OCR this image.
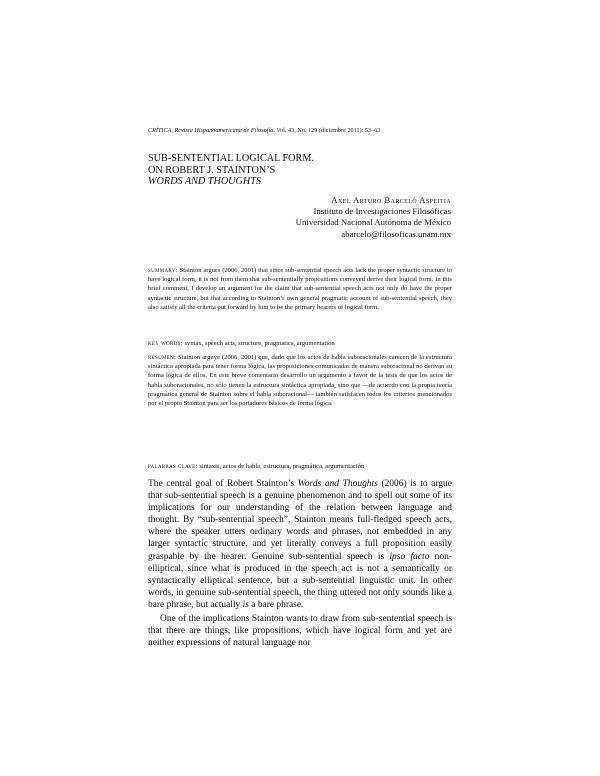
CRÍTICA, Revista Hispanoamericana de Filosofía. Vol. 43, No. 129 (diciembre 2011): 53–63
SUB-SENTENTIAL LOGICAL FORM.
ON ROBERT J. STAINTON’S
WORDS AND THOUGHTS
Axel Arturo Barceló Aspeitia
Instituto de Investigaciones Filosóficas
Universidad Nacional Autónoma de México
abarcelo@filosoficas.unam.mx
summary: Stainton argues (2006, 2001) that since sub-sentential speech acts lack the proper syntactic structure to have logical form, it is not from them that sub-sententially propositions conveyed derive their logical form. In this brief comment, I develop an argument for the claim that sub-sentential speech acts not only do have the proper syntactic structure, but that according to Stainton’s own general pragmatic account of sub-sentential speech, they also satisfy all the criteria put forward by him to be the primary bearers of logical form.
key words: syntax, speech acts, structure, pragmatics, argumentation
resumen: Stainton arguye (2006, 2001) que, dado que los actos de habla suboracionales carecen de la estructura sintáctica apropiada para tener forma lógica, las proposiciones comunicadas de manera suboracional no derivan su forma lógica de ellos. En este breve comentario desarrollo un argumento a favor de la tesis de que los actos de habla suboracionales, no sólo tienen la estructura sintáctica apropiada, sino que —de acuerdo con la propia teoría pragmática general de Stainton sobre el habla suboracional— también satisfacen todos los criterios mencionados por el propio Stainton para ser los portadores básicos de forma lógica.
palabras clave: sintaxis, actos de habla, estructura, pragmática, argumentación

The central goal of Robert Stainton’s Words and Thoughts (2006) is to argue that sub-sentential speech is a genuine phenomenon and to spell out some of its implications for our understanding of the relation between language and thought. By “sub-sentential speech”, Stainton means full-fledged speech acts, where the speaker utters ordinary words and phrases, not embedded in any larger syntactic structure, and yet literally conveys a full proposition easily graspable by the hearer. Genuine sub-sentential speech is ipso facto non-elliptical, since what is produced in the speech act is not a semantically or syntactically elliptical sentence, but a sub-sentential linguistic unit. In other words, in genuine sub-sentential speech, the thing uttered not only sounds like a bare phrase, but actually is a bare phrase.

One of the implications Stainton wants to draw from sub-sentential speech is that there are things, like propositions, which have logical form and yet are neither expressions of natural language nor
